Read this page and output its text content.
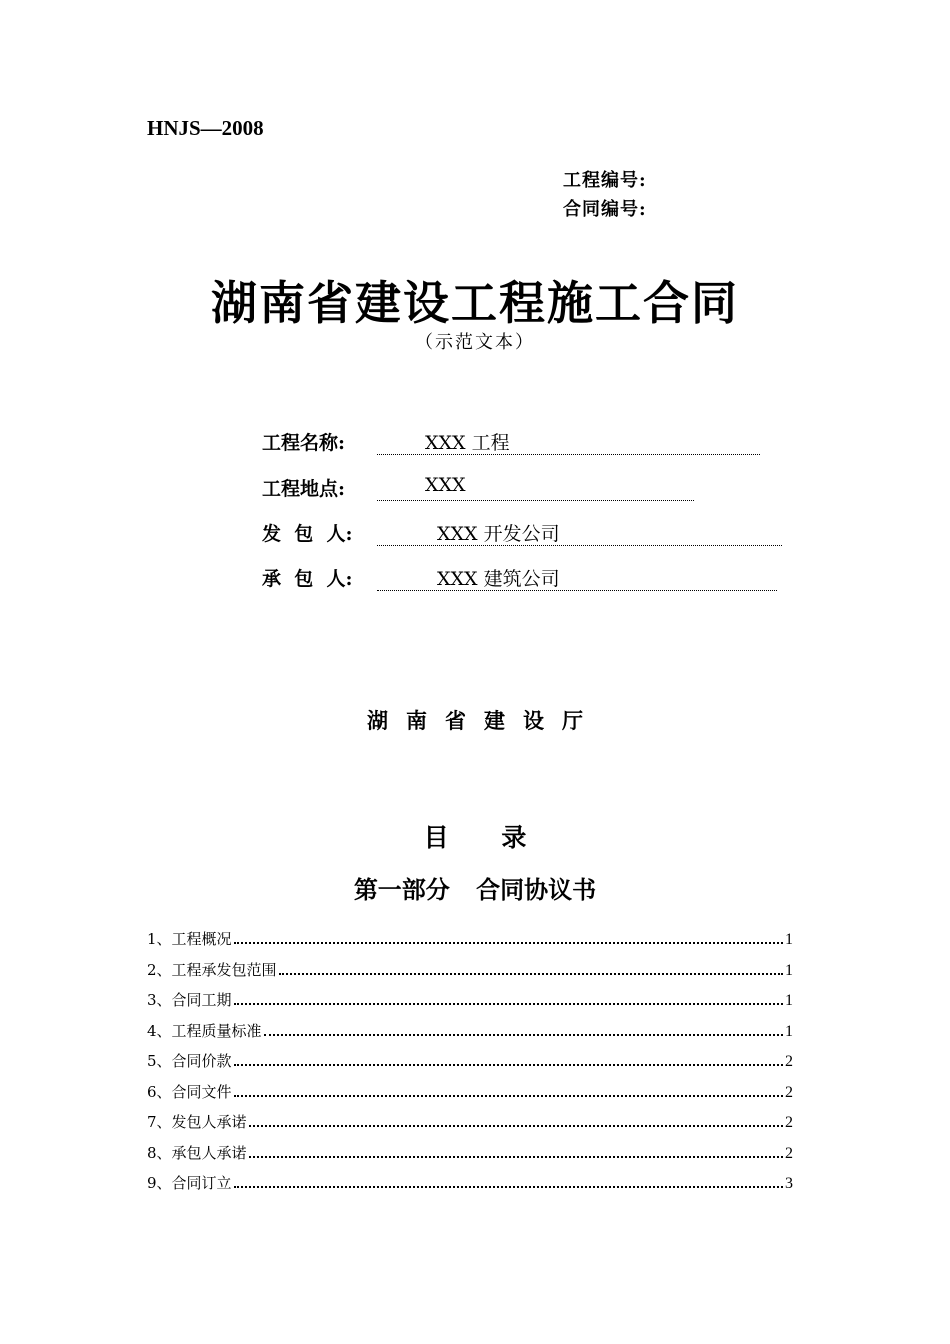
HNJS—2008
工程编号:
合同编号:
湖南省建设工程施工合同
（示范文本）
工程名称:	XXX 工程
工程地点:	XXX
发  包  人:	XXX 开发公司
承  包  人:	XXX 建筑公司
湖南省建设厅
目 录
第一部分 合同协议书
1、工程概况	1
2、工程承发包范围	1
3、合同工期	1
4、工程质量标准	1
5、合同价款	2
6、合同文件	2
7、发包人承诺	2
8、承包人承诺	2
9、合同订立	3
